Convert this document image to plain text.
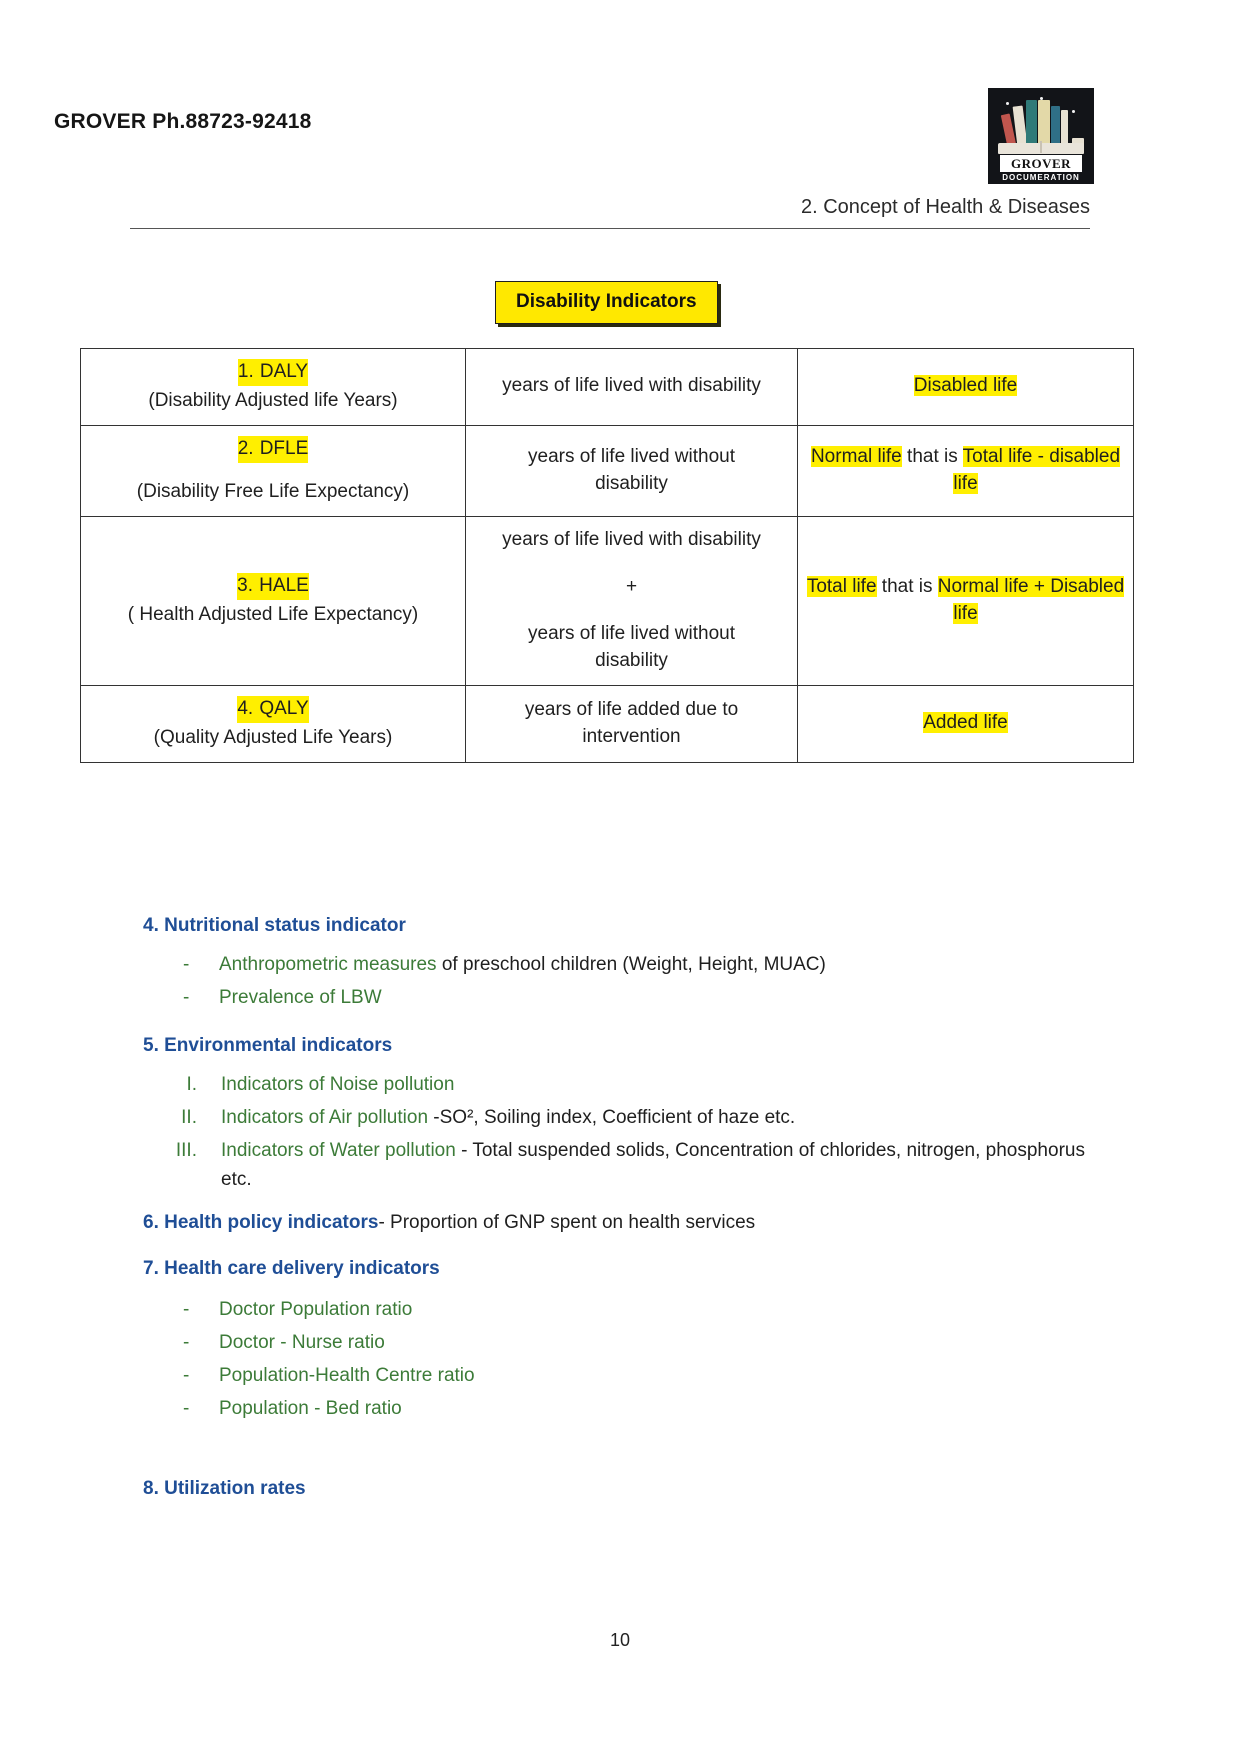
GROVER Ph.88723-92418
GROVER
DOCUMERATION
2. Concept of Health & Diseases
Disability Indicators
1. DALY
(Disability Adjusted life Years)	years of life lived with disability	Disabled life

2. DFLE
(Disability Free Life Expectancy)	years of life lived without
disability	Normal life that is Total life - disabled life

3. HALE
( Health Adjusted Life Expectancy)	years of life lived with disability
+
years of life lived without
disability	Total life that is Normal life + Disabled life

4. QALY
(Quality Adjusted Life Years)	years of life added due to
intervention	Added life
4. Nutritional status indicator
-	Anthropometric measures of preschool children (Weight, Height, MUAC)
-	Prevalence of LBW
5. Environmental indicators
I.	Indicators of Noise pollution
II.	Indicators of Air pollution -SO², Soiling index, Coefficient of haze etc.
III.	Indicators of Water pollution - Total suspended solids, Concentration of chlorides, nitrogen, phosphorus etc.
6. Health policy indicators- Proportion of GNP spent on health services
7. Health care delivery indicators
-	Doctor Population ratio
-	Doctor - Nurse ratio
-	Population-Health Centre ratio
-	Population - Bed ratio
8. Utilization rates
10
